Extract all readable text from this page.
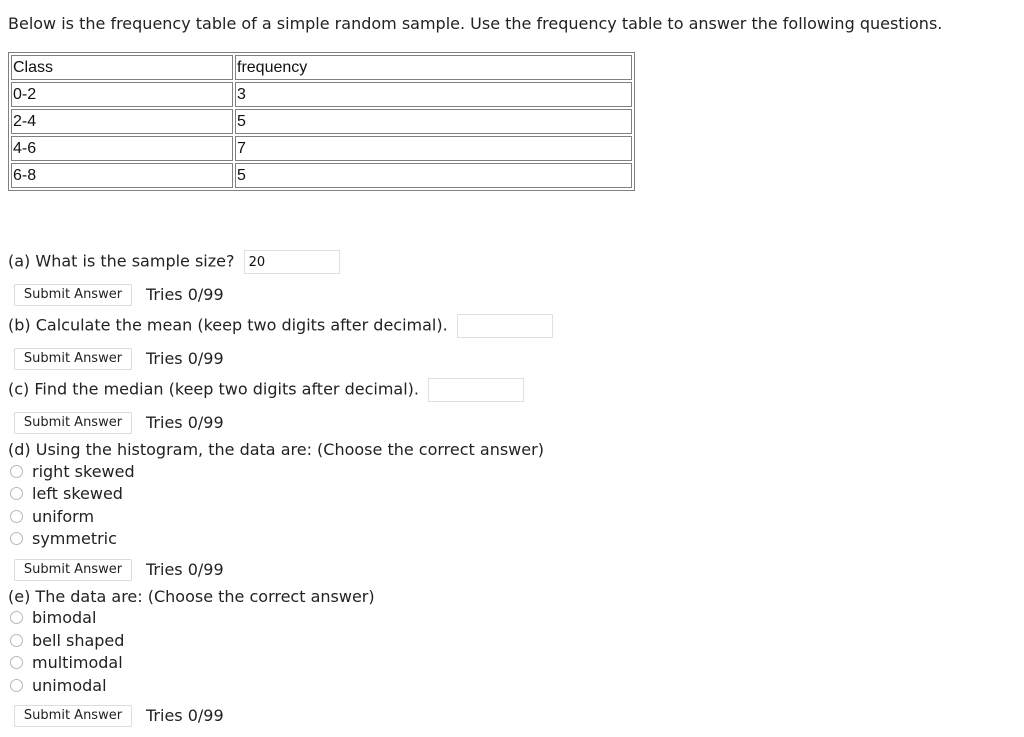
Below is the frequency table of a simple random sample. Use the frequency table to answer the following questions.
Class	frequency
0-2	3
2-4	5
4-6	7
6-8	5
(a) What is the sample size? 20
Submit Answer	Tries 0/99
(b) Calculate the mean (keep two digits after decimal).
Submit Answer	Tries 0/99
(c) Find the median (keep two digits after decimal).
Submit Answer	Tries 0/99
(d) Using the histogram, the data are: (Choose the correct answer)
right skewed
left skewed
uniform
symmetric
Submit Answer	Tries 0/99
(e) The data are: (Choose the correct answer)
bimodal
bell shaped
multimodal
unimodal
Submit Answer	Tries 0/99
